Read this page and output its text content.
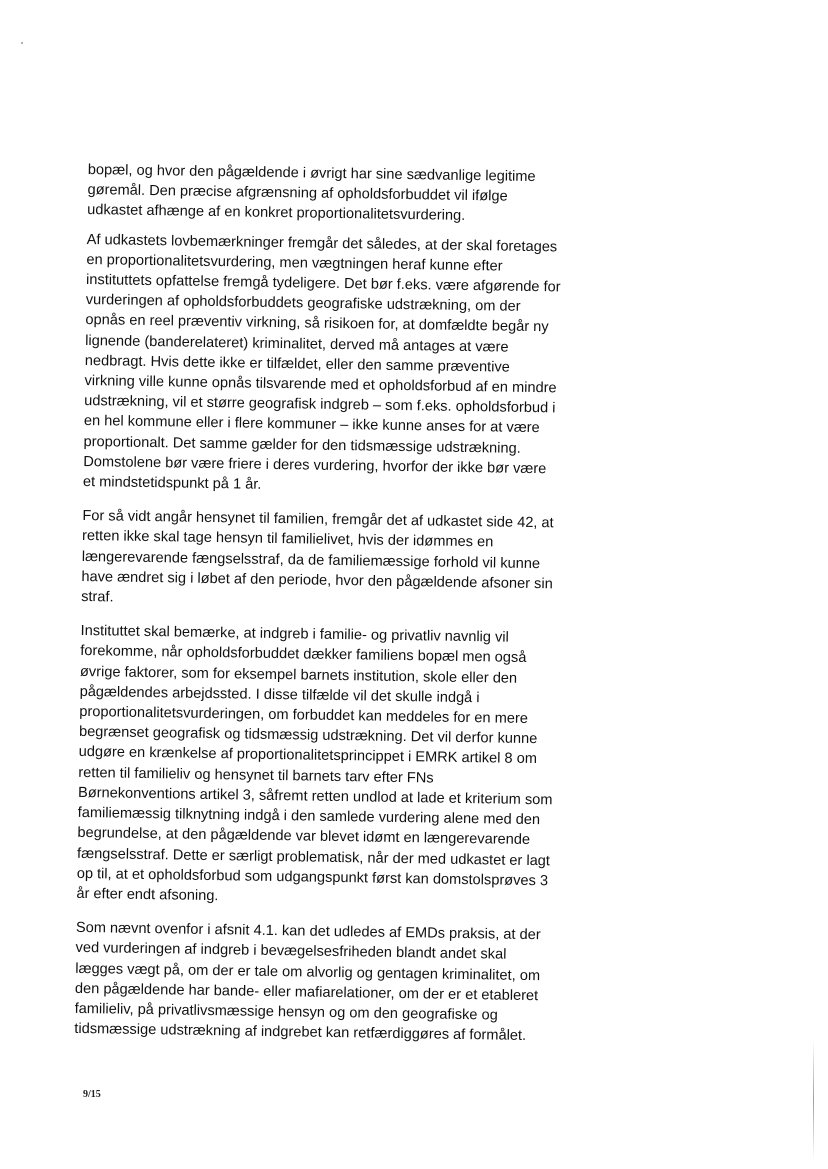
bopæl, og hvor den pågældende i øvrigt har sine sædvanlige legitime gøremål. Den præcise afgrænsning af opholdsforbuddet vil ifølge udkastet afhænge af en konkret proportionalitetsvurdering.

Af udkastets lovbemærkninger fremgår det således, at der skal foretages en proportionalitetsvurdering, men vægtningen heraf kunne efter instituttets opfattelse fremgå tydeligere. Det bør f.eks. være afgørende for vurderingen af opholdsforbuddets geografiske udstrækning, om der opnås en reel præventiv virkning, så risikoen for, at domfældte begår ny lignende (banderelateret) kriminalitet, derved må antages at være nedbragt. Hvis dette ikke er tilfældet, eller den samme præventive virkning ville kunne opnås tilsvarende med et opholdsforbud af en mindre udstrækning, vil et større geografisk indgreb – som f.eks. opholdsforbud i en hel kommune eller i flere kommuner – ikke kunne anses for at være proportionalt. Det samme gælder for den tidsmæssige udstrækning. Domstolene bør være friere i deres vurdering, hvorfor der ikke bør være et mindstetidspunkt på 1 år.

For så vidt angår hensynet til familien, fremgår det af udkastet side 42, at retten ikke skal tage hensyn til familielivet, hvis der idømmes en længerevarende fængselsstraf, da de familiemæssige forhold vil kunne have ændret sig i løbet af den periode, hvor den pågældende afsoner sin straf.

Instituttet skal bemærke, at indgreb i familie- og privatliv navnlig vil forekomme, når opholdsforbuddet dækker familiens bopæl men også øvrige faktorer, som for eksempel barnets institution, skole eller den pågældendes arbejdssted. I disse tilfælde vil det skulle indgå i proportionalitetsvurderingen, om forbuddet kan meddeles for en mere begrænset geografisk og tidsmæssig udstrækning. Det vil derfor kunne udgøre en krænkelse af proportionalitetsprincippet i EMRK artikel 8 om retten til familieliv og hensynet til barnets tarv efter FNs Børnekonventions artikel 3, såfremt retten undlod at lade et kriterium som familiemæssig tilknytning indgå i den samlede vurdering alene med den begrundelse, at den pågældende var blevet idømt en længerevarende fængselsstraf. Dette er særligt problematisk, når der med udkastet er lagt op til, at et opholdsforbud som udgangspunkt først kan domstolsprøves 3 år efter endt afsoning.

Som nævnt ovenfor i afsnit 4.1. kan det udledes af EMDs praksis, at der ved vurderingen af indgreb i bevægelsesfriheden blandt andet skal lægges vægt på, om der er tale om alvorlig og gentagen kriminalitet, om den pågældende har bande- eller mafiarelationer, om der er et etableret familieliv, på privatlivsmæssige hensyn og om den geografiske og tidsmæssige udstrækning af indgrebet kan retfærdiggøres af formålet.

9/15
